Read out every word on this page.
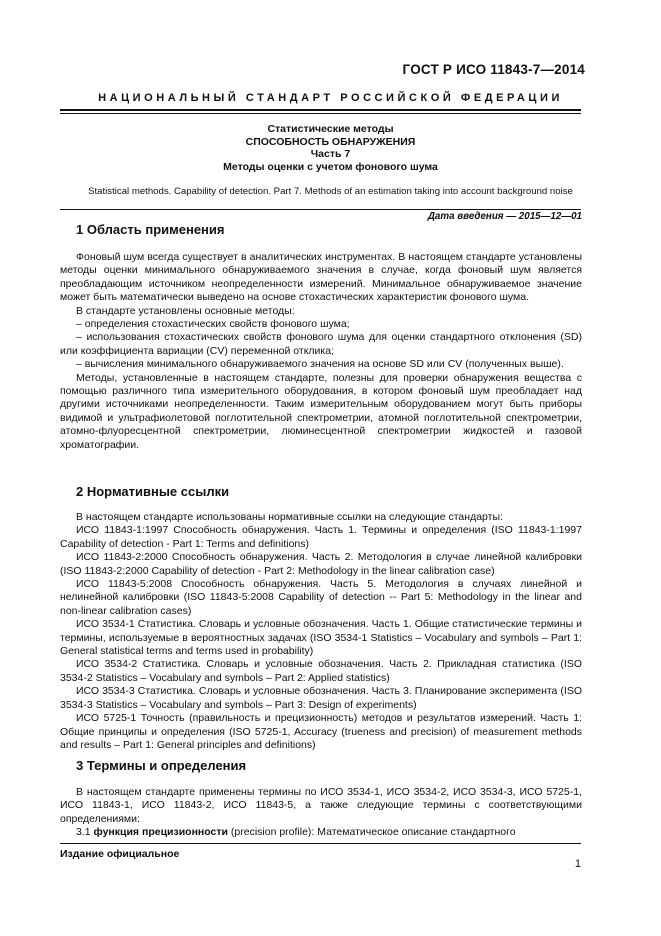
ГОСТ Р ИСО 11843-7—2014
НАЦИОНАЛЬНЫЙ СТАНДАРТ РОССИЙСКОЙ ФЕДЕРАЦИИ
Статистические методы
СПОСОБНОСТЬ ОБНАРУЖЕНИЯ
Часть 7
Методы оценки с учетом фонового шума
Statistical methods. Capability of detection. Part 7. Methods of an estimation taking into account background noise
Дата введения — 2015—12—01
1 Область применения

Фоновый шум всегда существует в аналитических инструментах. В настоящем стандарте установлены методы оценки минимального обнаруживаемого значения в случае, когда фоновый шум является преобладающим источником неопределенности измерений. Минимальное обнаруживаемое значение может быть математически выведено на основе стохастических характеристик фонового шума.

В стандарте установлены основные методы:

– определения стохастических свойств фонового шума;

– использования стохастических свойств фонового шума для оценки стандартного отклонения (SD) или коэффициента вариации (CV) переменной отклика;

– вычисления минимального обнаруживаемого значения на основе SD или CV (полученных выше).

Методы, установленные в настоящем стандарте, полезны для проверки обнаружения вещества с помощью различного типа измерительного оборудования, в котором фоновый шум преобладает над другими источниками неопределенности. Таким измерительным оборудованием могут быть приборы видимой и ультрафиолетовой поглотительной спектрометрии, атомной поглотительной спектрометрии, атомно-флуоресцентной спектрометрии, люминесцентной спектрометрии жидкостей и газовой хроматографии.

2 Нормативные ссылки

В настоящем стандарте использованы нормативные ссылки на следующие стандарты:

ИСО 11843-1:1997 Способность обнаружения. Часть 1. Термины и определения (ISO 11843-1:1997 Capability of detection - Part 1: Terms and definitions)

ИСО 11843-2:2000 Способность обнаружения. Часть 2. Методология в случае линейной калибровки (ISO 11843-2:2000 Capability of detection - Part 2: Methodology in the linear calibration case)

ИСО 11843-5:2008 Способность обнаружения. Часть 5. Методология в случаях линейной и нелинейной калибровки (ISO 11843-5:2008 Capability of detection -- Part 5: Methodology in the linear and non-linear calibration cases)

ИСО 3534-1 Статистика. Словарь и условные обозначения. Часть 1. Общие статистические термины и термины, используемые в вероятностных задачах (ISO 3534-1 Statistics – Vocabulary and symbols – Part 1: General statistical terms and terms used in probability)

ИСО 3534-2 Статистика. Словарь и условные обозначения. Часть 2. Прикладная статистика (ISO 3534-2 Statistics – Vocabulary and symbols – Part 2: Applied statistics)

ИСО 3534-3 Статистика. Словарь и условные обозначения. Часть 3. Планирование эксперимента (ISO 3534-3 Statistics – Vocabulary and symbols – Part 3: Design of experiments)

ИСО 5725-1 Точность (правильность и прецизионность) методов и результатов измерений. Часть 1: Общие принципы и определения (ISO 5725-1, Accuracy (trueness and precision) of measurement methods and results – Part 1: General principles and definitions)

3 Термины и определения

В настоящем стандарте применены термины по ИСО 3534-1, ИСО 3534-2, ИСО 3534-3, ИСО 5725-1, ИСО 11843-1, ИСО 11843-2, ИСО 11843-5, а также следующие термины с соответствующими определениями:

3.1 функция прецизионности (precision profile): Математическое описание стандартного

Издание официальное
1
